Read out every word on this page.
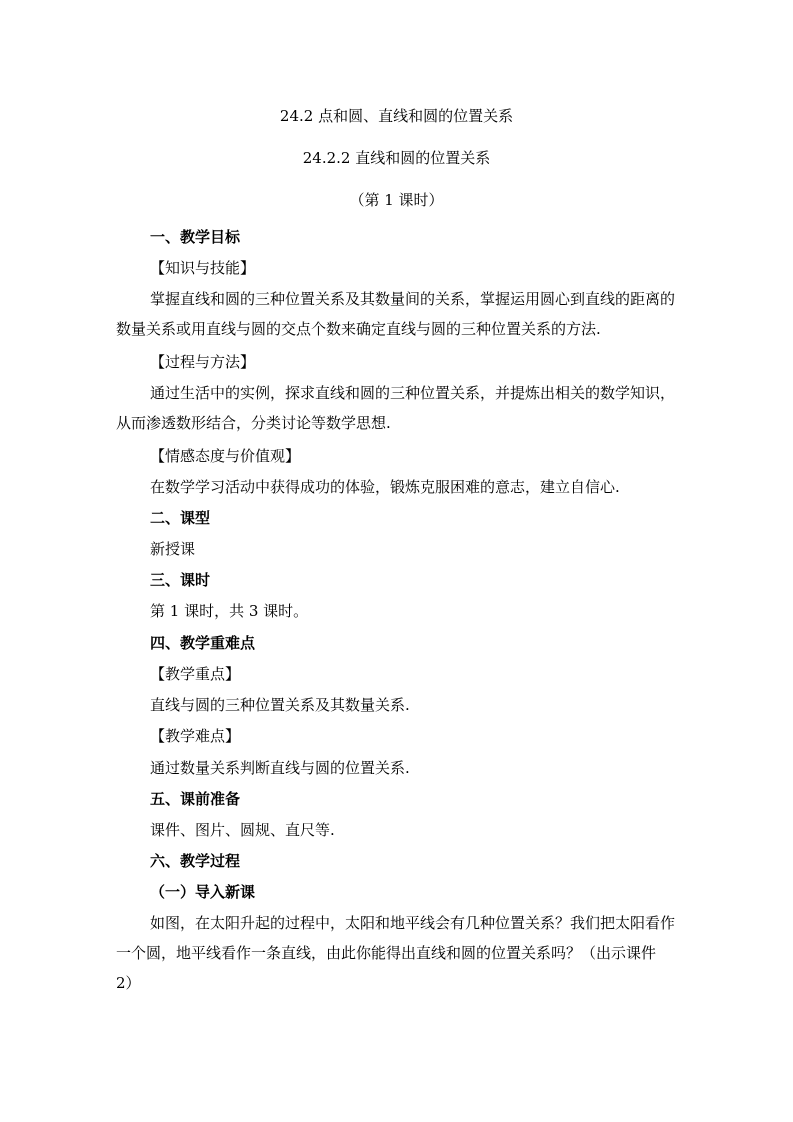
24.2 点和圆、直线和圆的位置关系
24.2.2 直线和圆的位置关系
（第 1 课时）
一、教学目标
【知识与技能】
掌握直线和圆的三种位置关系及其数量间的关系，掌握运用圆心到直线的距离的数量关系或用直线与圆的交点个数来确定直线与圆的三种位置关系的方法.
【过程与方法】
通过生活中的实例，探求直线和圆的三种位置关系，并提炼出相关的数学知识，从而渗透数形结合，分类讨论等数学思想.
【情感态度与价值观】
在数学学习活动中获得成功的体验，锻炼克服困难的意志，建立自信心.
二、课型
新授课
三、课时
第 1 课时，共 3 课时。
四、教学重难点
【教学重点】
直线与圆的三种位置关系及其数量关系.
【教学难点】
通过数量关系判断直线与圆的位置关系.
五、课前准备
课件、图片、圆规、直尺等.
六、教学过程
（一）导入新课
如图，在太阳升起的过程中，太阳和地平线会有几种位置关系？我们把太阳看作一个圆，地平线看作一条直线，由此你能得出直线和圆的位置关系吗？（出示课件 2）
